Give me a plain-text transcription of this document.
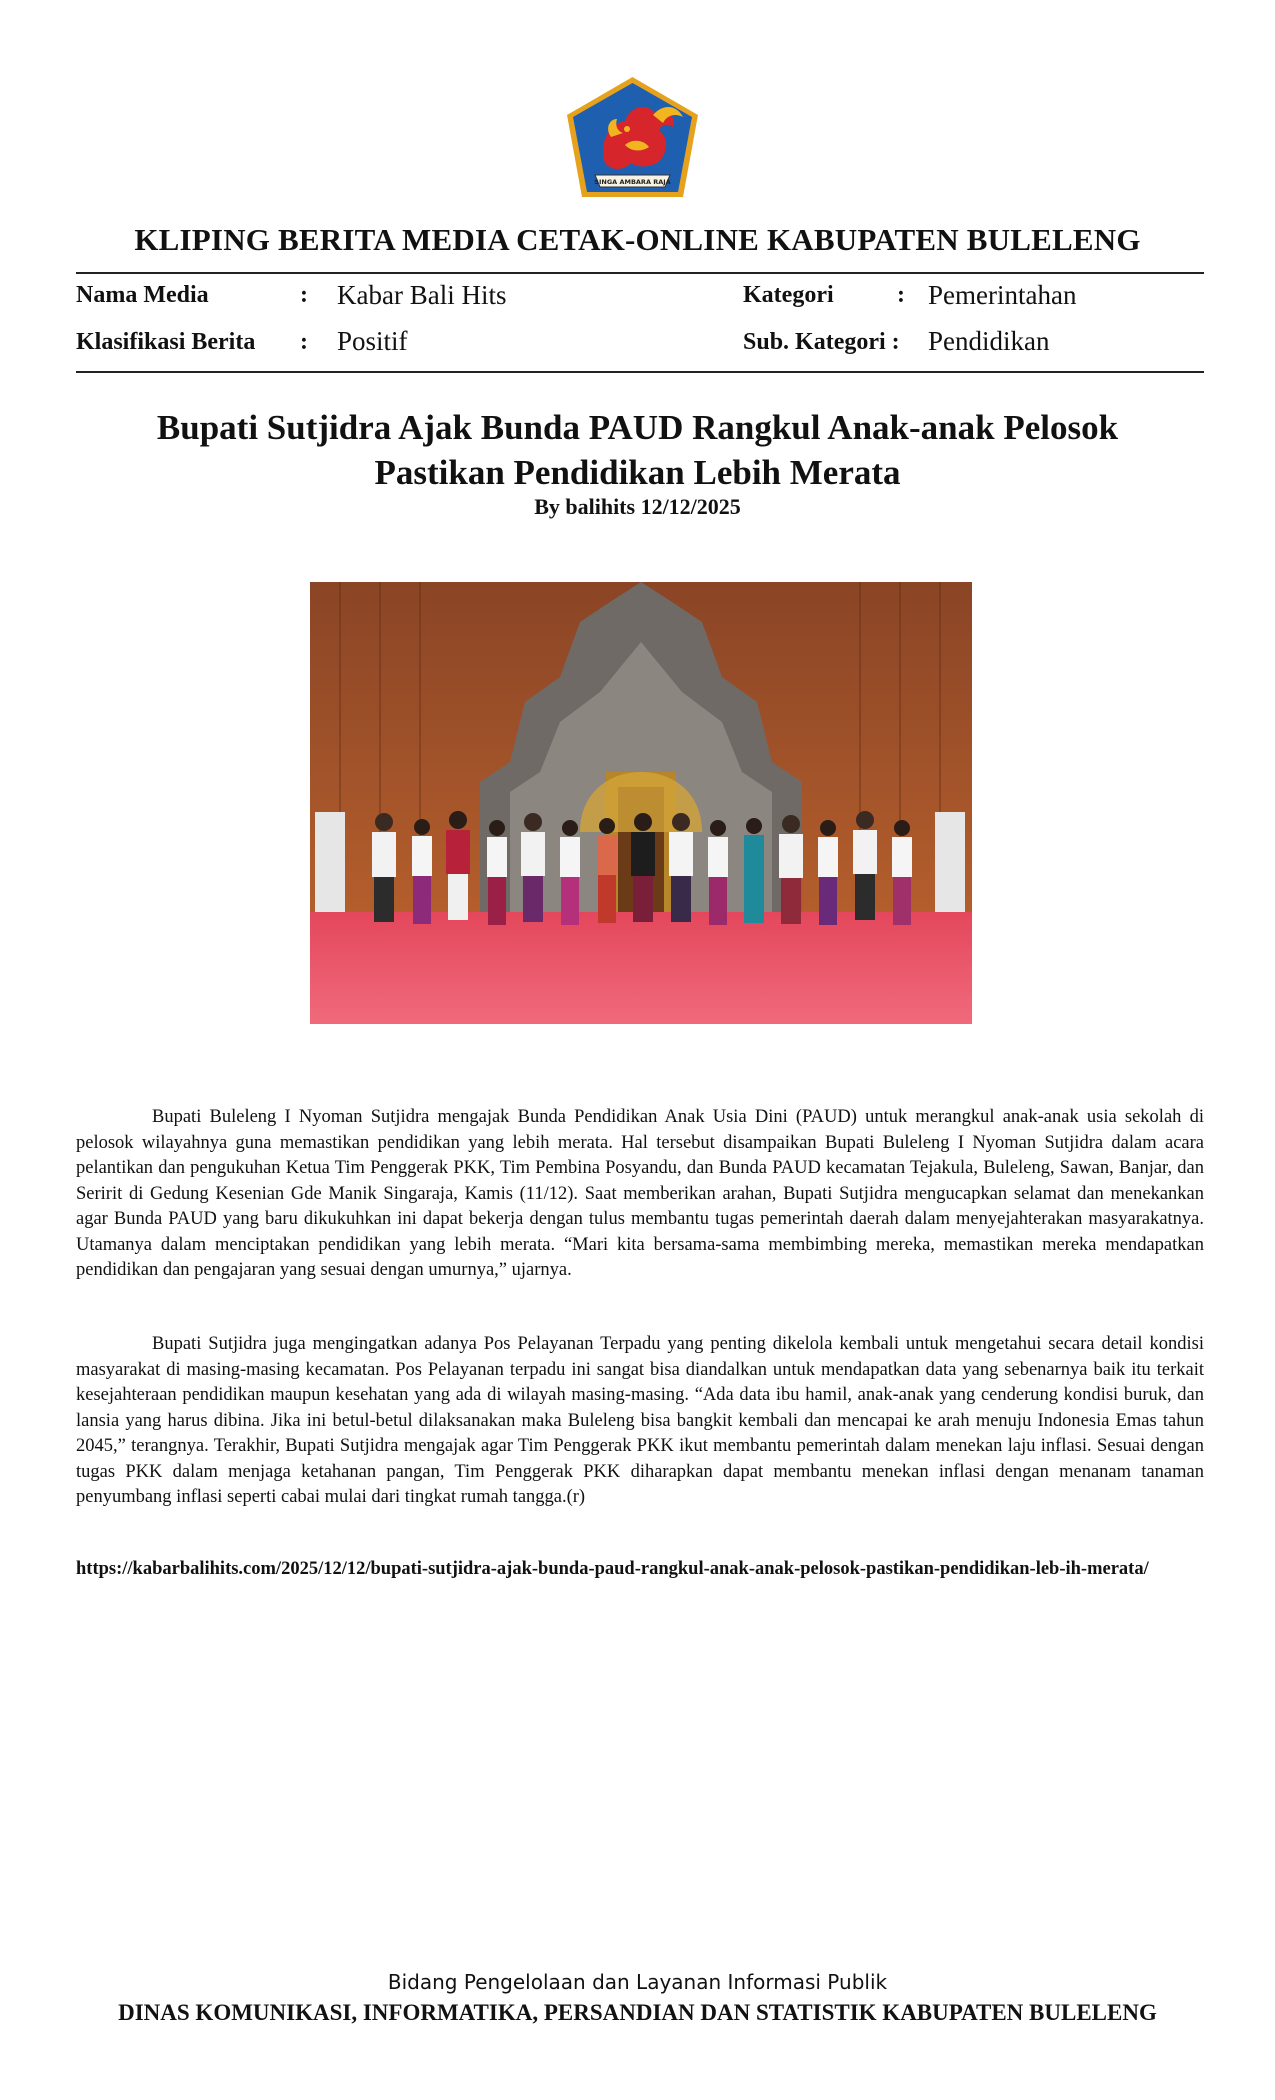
SINGA AMBARA RAJA
KLIPING BERITA MEDIA CETAK-ONLINE KABUPATEN BULELENG
Nama Media	: Kabar Bali Hits	Kategori	: Pemerintahan
Klasifikasi Berita : Positif	Sub. Kategori : Pendidikan
Bupati Sutjidra Ajak Bunda PAUD Rangkul Anak-anak Pelosok
Pastikan Pendidikan Lebih Merata
By balihits 12/12/2025

Bupati Buleleng I Nyoman Sutjidra mengajak Bunda Pendidikan Anak Usia Dini (PAUD) untuk merangkul anak-anak usia sekolah di pelosok wilayahnya guna memastikan pendidikan yang lebih merata. Hal tersebut disampaikan Bupati Buleleng I Nyoman Sutjidra dalam acara pelantikan dan pengukuhan Ketua Tim Penggerak PKK, Tim Pembina Posyandu, dan Bunda PAUD kecamatan Tejakula, Buleleng, Sawan, Banjar, dan Seririt di Gedung Kesenian Gde Manik Singaraja, Kamis (11/12). Saat memberikan arahan, Bupati Sutjidra mengucapkan selamat dan menekankan agar Bunda PAUD yang baru dikukuhkan ini dapat bekerja dengan tulus membantu tugas pemerintah daerah dalam menyejahterakan masyarakatnya. Utamanya dalam menciptakan pendidikan yang lebih merata. “Mari kita bersama-sama membimbing mereka, memastikan mereka mendapatkan pendidikan dan pengajaran yang sesuai dengan umurnya,” ujarnya.

Bupati Sutjidra juga mengingatkan adanya Pos Pelayanan Terpadu yang penting dikelola kembali untuk mengetahui secara detail kondisi masyarakat di masing-masing kecamatan. Pos Pelayanan terpadu ini sangat bisa diandalkan untuk mendapatkan data yang sebenarnya baik itu terkait kesejahteraan pendidikan maupun kesehatan yang ada di wilayah masing-masing. “Ada data ibu hamil, anak-anak yang cenderung kondisi buruk, dan lansia yang harus dibina. Jika ini betul-betul dilaksanakan maka Buleleng bisa bangkit kembali dan mencapai ke arah menuju Indonesia Emas tahun 2045,” terangnya. Terakhir, Bupati Sutjidra mengajak agar Tim Penggerak PKK ikut membantu pemerintah dalam menekan laju inflasi. Sesuai dengan tugas PKK dalam menjaga ketahanan pangan, Tim Penggerak PKK diharapkan dapat membantu menekan inflasi dengan menanam tanaman penyumbang inflasi seperti cabai mulai dari tingkat rumah tangga.(r)

https://kabarbalihits.com/2025/12/12/bupati-sutjidra-ajak-bunda-paud-rangkul-anak-anak-pelosok-pastikan-pendidikan-leb-ih-merata/
Bidang Pengelolaan dan Layanan Informasi Publik
DINAS KOMUNIKASI, INFORMATIKA, PERSANDIAN DAN STATISTIK KABUPATEN BULELENG
